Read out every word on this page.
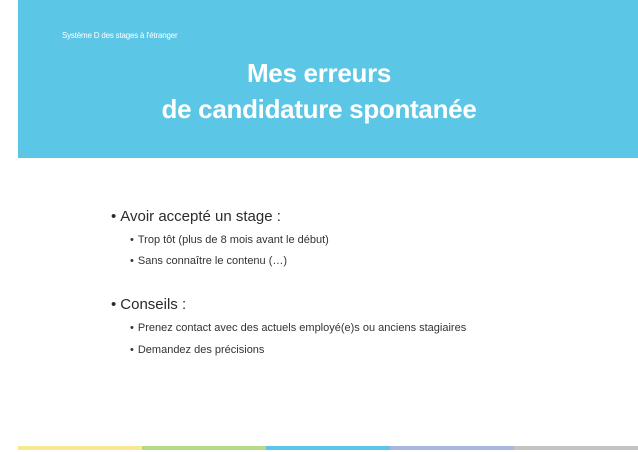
Système D des stages à l'étranger
Mes erreurs
de candidature spontanée
• Avoir accepté un stage :
• Trop tôt (plus de 8 mois avant le début)
• Sans connaître le contenu (…)
• Conseils :
• Prenez contact avec des actuels employé(e)s ou anciens stagiaires
• Demandez des précisions
